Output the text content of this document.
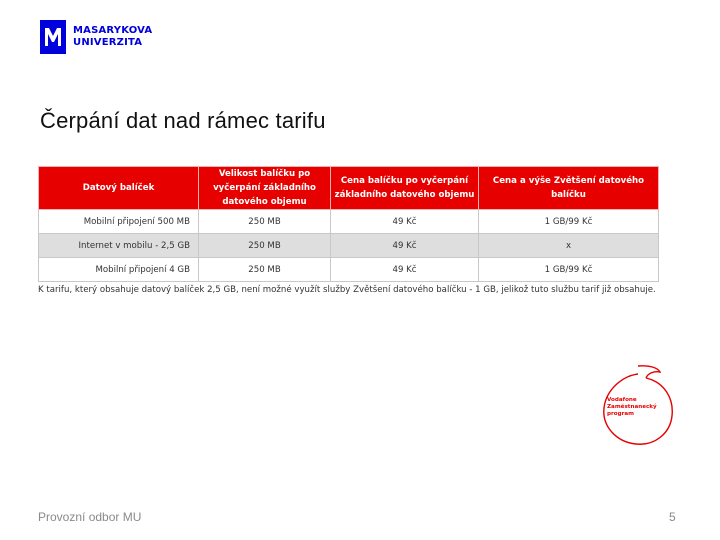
MASARYKOVA
UNIVERZITA
Čerpání dat nad rámec tarifu
Datový balíček	Velikost balíčku po vyčerpání základního datového objemu	Cena balíčku po vyčerpání základního datového objemu	Cena a výše Zvětšení datového balíčku
Mobilní připojení 500 MB	250 MB	49 Kč	1 GB/99 Kč
Internet v mobilu - 2,5 GB	250 MB	49 Kč	x
Mobilní připojení 4 GB	250 MB	49 Kč	1 GB/99 Kč
K tarifu, který obsahuje datový balíček 2,5 GB, není možné využít služby Zvětšení datového balíčku - 1 GB, jelikož tuto službu tarif již obsahuje.
Vodafone
Zaměstnanecký
program
Provozní odbor MU	5
